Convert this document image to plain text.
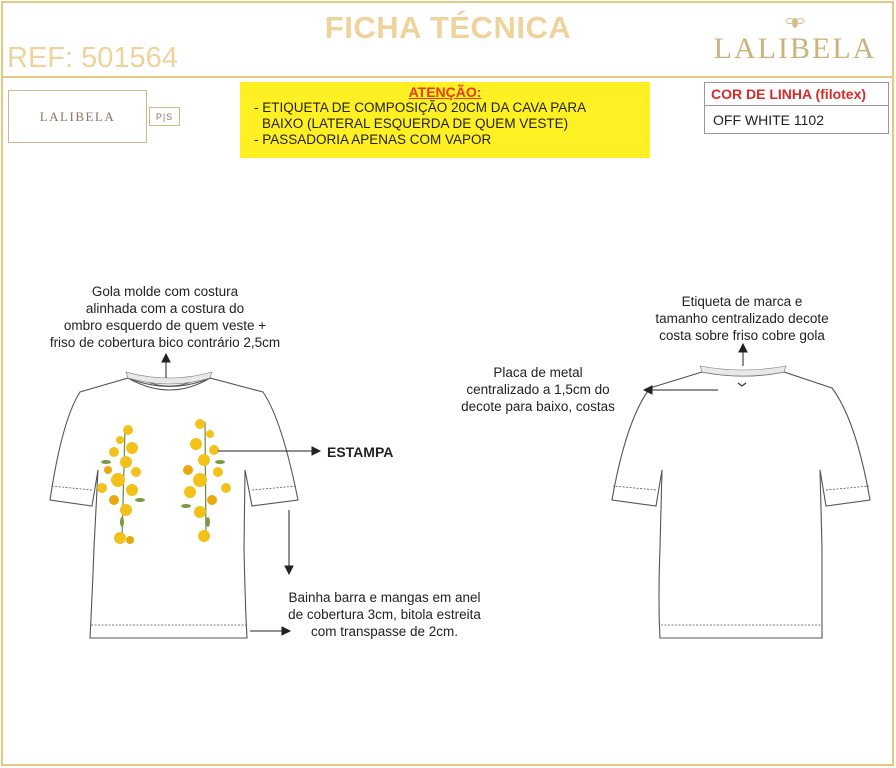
FICHA TÉCNICA
REF: 501564	LALIBELA
LALIBELA	P|S
ATENÇÃO:
- ETIQUETA DE COMPOSIÇÃO 20CM DA CAVA PARA
BAIXO (LATERAL ESQUERDA DE QUEM VESTE)
- PASSADORIA APENAS COM VAPOR
COR DE LINHA (filotex)
OFF WHITE 1102
Gola molde com costura
alinhada com a costura do
ombro esquerdo de quem veste +
friso de cobertura bico contrário 2,5cm
ESTAMPA
Bainha barra e mangas em anel
de cobertura 3cm, bitola estreita
com transpasse de 2cm.
Etiqueta de marca e
tamanho centralizado decote
costa sobre friso cobre gola
Placa de metal
centralizado a 1,5cm do
decote para baixo, costas
